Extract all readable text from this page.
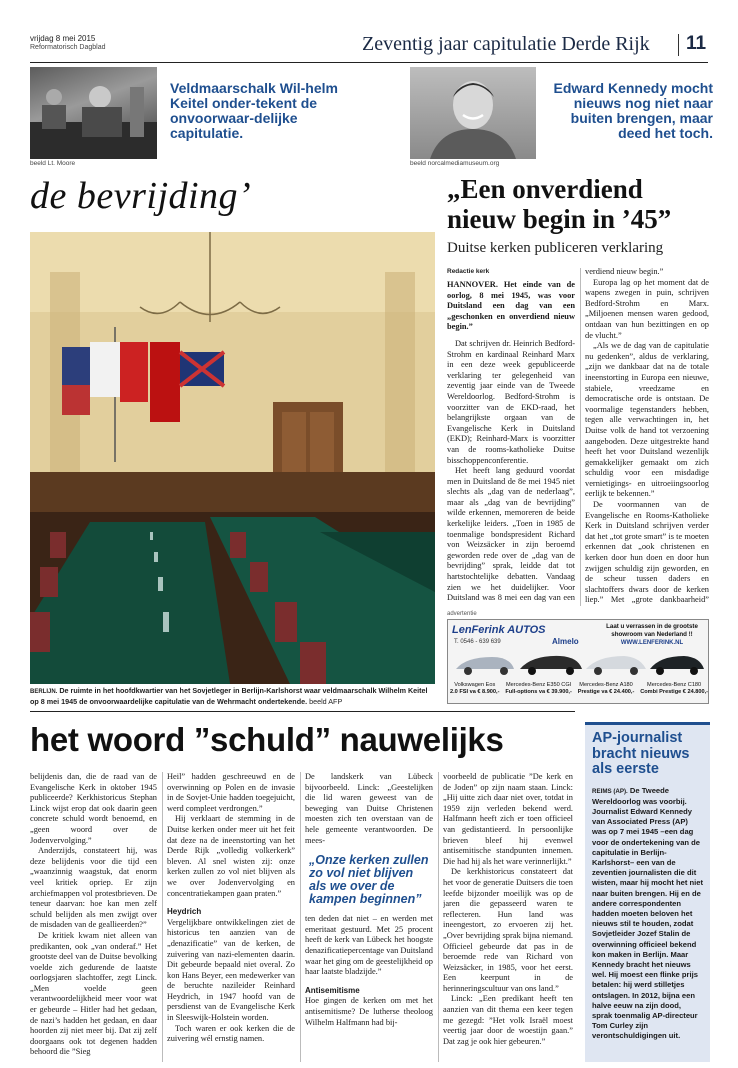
vrijdag 8 mei 2015
Reformatorisch Dagblad	Zeventig jaar capitulatie Derde Rijk 11
Veldmaarschalk Wil-helm Keitel onder-tekent de onvoorwaar-delijke capitulatie.
beeld Lt. Moore
Edward Kennedy mocht nieuws nog niet naar buiten brengen, maar deed het toch.
beeld norcalmediamuseum.org
de bevrijding’
BERLIJN. De ruimte in het hoofdkwartier van het Sovjetleger in Berlijn-Karlshorst waar veldmaarschalk Wilhelm Keitel op 8 mei 1945 de onvoorwaardelijke capitulatie van de Wehrmacht ondertekende. beeld AFP
„Een onverdiend nieuw begin in ’45”
Duitse kerken publiceren verklaring
Redactie kerk

HANNOVER. Het einde van de oorlog, 8 mei 1945, was voor Duitsland een dag van een „geschonken en onverdiend nieuw begin.”

Dat schrijven dr. Heinrich Bedford-Strohm en kardinaal Reinhard Marx in een deze week gepubliceerde verklaring ter gelegenheid van zeventig jaar einde van de Tweede Wereldoorlog. Bedford-Strohm is voorzitter van de EKD-raad, het belangrijkste orgaan van de Evangelische Kerk in Duitsland (EKD); Reinhard-Marx is voorzitter van de rooms-katholieke Duitse bisschoppenconferentie.

Het heeft lang geduurd voordat men in Duitsland de 8e mei 1945 niet slechts als „dag van de nederlaag”, maar als „dag van de bevrijding” wilde erkennen, memoreren de beide kerkelijke leiders. „Toen in 1985 de toenmalige bondspresident Richard von Weizsäcker in zijn beroemd geworden rede over de „dag van de bevrijding” sprak, leidde dat tot hartstochtelijke debatten. Vandaag zien we het duidelijker. Voor Duitsland was 8 mei een dag van een

verdiend nieuw begin.”

Europa lag op het moment dat de wapens zwegen in puin, schrijven Bedford-Strohm en Marx. „Miljoenen mensen waren gedood, ontdaan van hun bezittingen en op de vlucht.”

„Als we de dag van de capitulatie nu gedenken”, aldus de verklaring, „zijn we dankbaar dat na de totale ineenstorting in Europa een nieuwe, stabiele, vreedzame en democratische orde is ontstaan. De voormalige tegenstanders hebben, tegen alle verwachtingen in, het Duitse volk de hand tot verzoening aangeboden. Deze uitgestrekte hand heeft het voor Duitsland wezenlijk gemakkelijker gemaakt om zich schuldig voor een misdadige vernietigings- en uitroeiingsoorlog eerlijk te bekennen.”

De voormannen van de Evangelische en Rooms-Katholieke Kerk in Duitsland schrijven verder dat het „tot grote smart” is te moeten erkennen dat „ook christenen en kerken door hun doen en door hun zwijgen schuldig zijn geworden, en de scheur tussen daders en slachtoffers dwars door de kerken liep.” Met „grote dankbaarheid”

advertentie
LenFerink AUTOS
T. 0546 - 639 639	Almelo
Laat u verrassen in de grootste showroom van Nederland !!
WWW.LENFERINK.NL
Volkswagen Eos
2.0 FSI va € 8.900,-
Mercedes-Benz E350 CGI
Full-options va € 39.900,-
Mercedes-Benz A180
Prestige va € 24.400,-
Mercedes-Benz C180
Combi Prestige € 24.800,-
het woord ”schuld” nauwelijks

belijdenis dan, die de raad van de Evangelische Kerk in oktober 1945 publiceerde? Kerkhistoricus Stephan Linck wijst erop dat ook daarin geen concrete schuld wordt benoemd, en „geen woord over de Jodenvervolging.”

Anderzijds, constateert hij, was deze belijdenis voor die tijd een „waanzinnig waagstuk, dat enorm veel kritiek opriep. Er zijn archiefmappen vol protestbrieven. De teneur daarvan: hoe kan men zelf schuld belijden als men zwijgt over de misdaden van de geallieerden?”

De kritiek kwam niet alleen van predikanten, ook „van onderaf.” Het grootste deel van de Duitse bevolking voelde zich gedurende de laatste oorlogsjaren slachtoffer, zegt Linck. „Men voelde geen verantwoordelijkheid meer voor wat er gebeurde – Hitler had het gedaan, de nazi’s hadden het gedaan, en daar hoorden zij niet meer bij. Dat zij zelf doorgaans ook tot degenen hadden behoord die ”Sieg

Heil” hadden geschreeuwd en de overwinning op Polen en de invasie in de Sovjet-Unie hadden toegejuicht, werd compleet verdrongen.”

Hij verklaart de stemming in de Duitse kerken onder meer uit het feit dat deze na de ineenstorting van het Derde Rijk „volledig volkerkerk” bleven. Al snel wisten zij: onze kerken zullen zo vol niet blijven als we over Jodenvervolging en concentratiekampen gaan praten.”

Heydrich

Vergelijkbare ontwikkelingen ziet de historicus ten aanzien van de „denazificatie” van de kerken, de zuivering van nazi-elementen daarin. Dit gebeurde bepaald niet overal. Zo kon Hans Beyer, een medewerker van de beruchte nazileider Reinhard Heydrich, in 1947 hoofd van de persdienst van de Evangelische Kerk in Sleeswijk-Holstein worden.

Toch waren er ook kerken die de zuivering wél ernstig namen.

De landskerk van Lübeck bijvoorbeeld. Linck: „Geestelijken die lid waren geweest van de beweging van Duitse Christenen moesten zich ten overstaan van de hele gemeente verantwoorden. De mees-

„Onze kerken zullen zo vol niet blijven als we over de kampen beginnen”

ten deden dat niet – en werden met emeritaat gestuurd. Met 25 procent heeft de kerk van Lübeck het hoogste denazificatiepercentage van Duitsland waar het ging om de geestelijkheid op haar laatste bladzijde.”

Antisemitisme

Hoe gingen de kerken om met het antisemitisme? De lutherse theoloog Wilhelm Halfmann had bij-

voorbeeld de publicatie ”De kerk en de Joden” op zijn naam staan. Linck: „Hij uitte zich daar niet over, totdat in 1959 zijn verleden bekend werd. Halfmann heeft zich er toen officieel van gedistantieerd. In persoonlijke brieven bleef hij evenwel antisemitische standpunten innemen. Die had hij als het ware verinnerlijkt.”

De kerkhistoricus constateert dat het voor de generatie Duitsers die toen leefde bijzonder moeilijk was op de jaren die gepasseerd waren te reflecteren. Hun land was ineengestort, zo ervoeren zij het. „Over bevrijding sprak bijna niemand. Officieel gebeurde dat pas in de beroemde rede van Richard von Weizsäcker, in 1985, voor het eerst. Een keerpunt in de herinneringscultuur van ons land.”

Linck: „Een predikant heeft ten aanzien van dit thema een keer tegen me gezegd: ”Het volk Israël moest veertig jaar door de woestijn gaan.” Dat zag je ook hier gebeuren.”

AP-journalist bracht nieuws als eerste
REIMS (AP). De Tweede Wereldoorlog was voorbij. Journalist Edward Kennedy van Associated Press (AP) was op 7 mei 1945 –een dag voor de ondertekening van de capitulatie in Berlijn-Karlshorst– een van de zeventien journalisten die dit wisten, maar hij mocht het niet naar buiten brengen. Hij en de andere correspondenten hadden moeten beloven het nieuws stil te houden, zodat Sovjetleider Jozef Stalin de overwinning officieel bekend kon maken in Berlijn. Maar Kennedy bracht het nieuws wel. Hij moest een flinke prijs betalen: hij werd stilletjes ontslagen. In 2012, bijna een halve eeuw na zijn dood, sprak toenmalig AP-directeur Tom Curley zijn verontschuldigingen uit.
